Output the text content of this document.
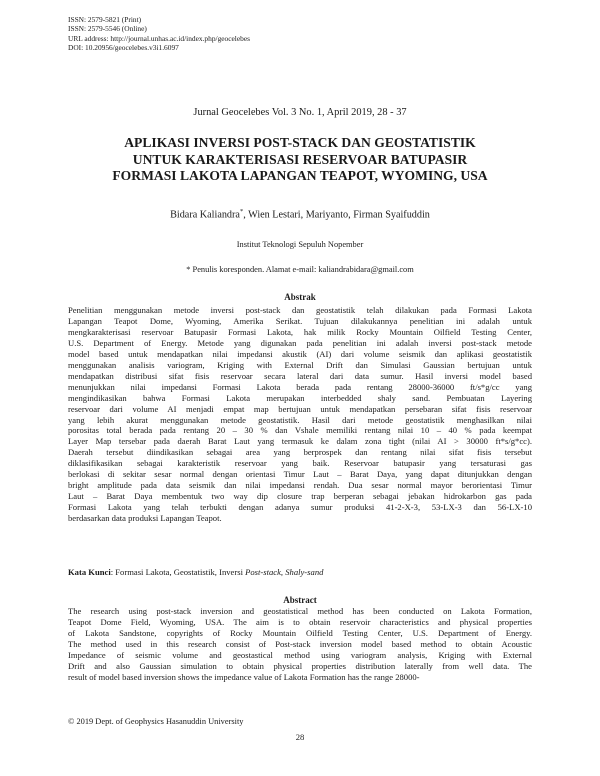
ISSN: 2579-5821 (Print)
ISSN: 2579-5546 (Online)
URL address: http://journal.unhas.ac.id/index.php/geocelebes
DOI: 10.20956/geocelebes.v3i1.6097
Jurnal Geocelebes Vol. 3 No. 1, April 2019, 28 - 37
APLIKASI INVERSI POST-STACK DAN GEOSTATISTIK
UNTUK KARAKTERISASI RESERVOAR BATUPASIR
FORMASI LAKOTA LAPANGAN TEAPOT, WYOMING, USA
Bidara Kaliandra*, Wien Lestari, Mariyanto, Firman Syaifuddin
Institut Teknologi Sepuluh Nopember
* Penulis koresponden. Alamat e-mail: kaliandrabidara@gmail.com
Abstrak
Penelitian menggunakan metode inversi post-stack dan geostatistik telah dilakukan pada Formasi Lakota
Lapangan Teapot Dome, Wyoming, Amerika Serikat. Tujuan dilakukannya penelitian ini adalah untuk
mengkarakterisasi reservoar Batupasir Formasi Lakota, hak milik Rocky Mountain Oilfield Testing Center,
U.S. Department of Energy. Metode yang digunakan pada penelitian ini adalah inversi post-stack metode
model based untuk mendapatkan nilai impedansi akustik (AI) dari volume seismik dan aplikasi geostatistik
menggunakan analisis variogram, Kriging with External Drift dan Simulasi Gaussian bertujuan untuk
mendapatkan distribusi sifat fisis reservoar secara lateral dari data sumur. Hasil inversi model based
menunjukkan nilai impedansi Formasi Lakota berada pada rentang 28000-36000 ft/s*g/cc yang
mengindikasikan bahwa Formasi Lakota merupakan interbedded shaly sand. Pembuatan Layering
reservoar dari volume AI menjadi empat map bertujuan untuk mendapatkan persebaran sifat fisis reservoar
yang lebih akurat menggunakan metode geostatistik. Hasil dari metode geostatistik menghasilkan nilai
porositas total berada pada rentang 20 – 30 % dan Vshale memiliki rentang nilai 10 – 40 % pada keempat
Layer Map tersebar pada daerah Barat Laut yang termasuk ke dalam zona tight (nilai AI > 30000 ft*s/g*cc).
Daerah tersebut diindikasikan sebagai area yang berprospek dan rentang nilai sifat fisis tersebut
diklasifikasikan sebagai karakteristik reservoar yang baik. Reservoar batupasir yang tersaturasi gas
berlokasi di sekitar sesar normal dengan orientasi Timur Laut – Barat Daya, yang dapat ditunjukkan dengan
bright amplitude pada data seismik dan nilai impedansi rendah. Dua sesar normal mayor berorientasi Timur
Laut – Barat Daya membentuk two way dip closure trap berperan sebagai jebakan hidrokarbon gas pada
Formasi Lakota yang telah terbukti dengan adanya sumur produksi 41-2-X-3, 53-LX-3 dan 56-LX-10
berdasarkan data produksi Lapangan Teapot.
Kata Kunci: Formasi Lakota, Geostatistik, Inversi Post-stack, Shaly-sand
Abstract
The research using post-stack inversion and geostatistical method has been conducted on Lakota Formation,
Teapot Dome Field, Wyoming, USA. The aim is to obtain reservoir characteristics and physical properties
of Lakota Sandstone, copyrights of Rocky Mountain Oilfield Testing Center, U.S. Department of Energy.
The method used in this research consist of Post-stack inversion model based method to obtain Acoustic
Impedance of seismic volume and geostastical method using variogram analysis, Kriging with External
Drift and also Gaussian simulation to obtain physical properties distribution laterally from well data. The
result of model based inversion shows the impedance value of Lakota Formation has the range 28000-
© 2019 Dept. of Geophysics Hasanuddin University
28
